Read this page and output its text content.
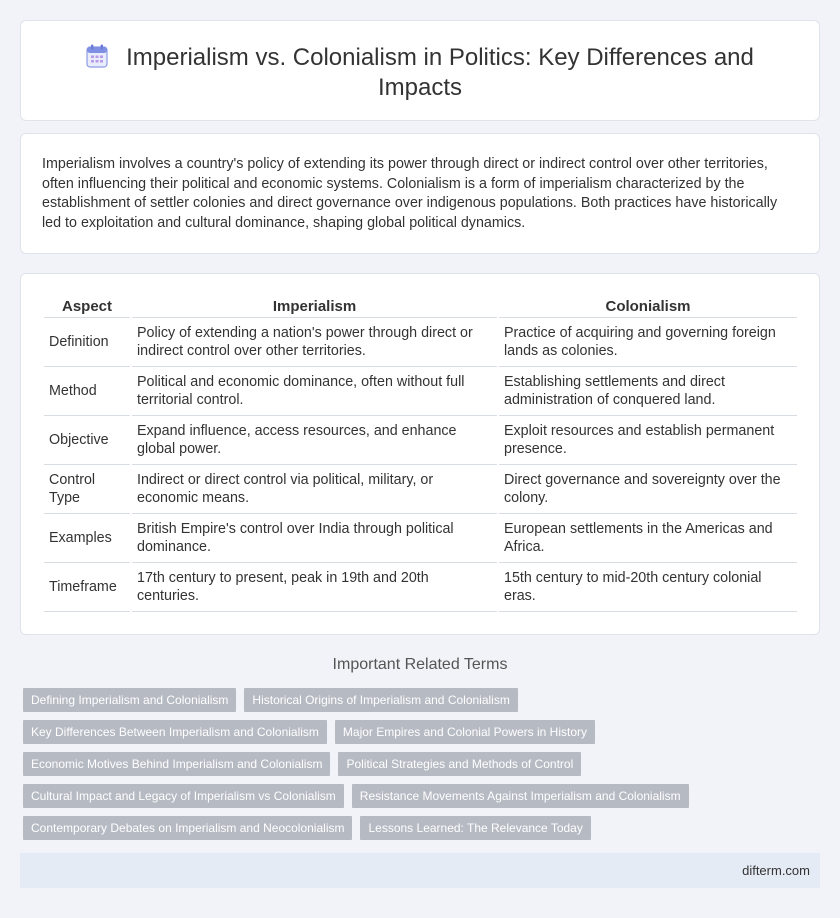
Imperialism vs. Colonialism in Politics: Key Differences and Impacts

Imperialism involves a country's policy of extending its power through direct or indirect control over other territories, often influencing their political and economic systems. Colonialism is a form of imperialism characterized by the establishment of settler colonies and direct governance over indigenous populations. Both practices have historically led to exploitation and cultural dominance, shaping global political dynamics.

Aspect	Imperialism	Colonialism
Definition	Policy of extending a nation's power through direct or indirect control over other territories.	Practice of acquiring and governing foreign lands as colonies.
Method	Political and economic dominance, often without full territorial control.	Establishing settlements and direct administration of conquered land.
Objective	Expand influence, access resources, and enhance global power.	Exploit resources and establish permanent presence.
Control Type	Indirect or direct control via political, military, or economic means.	Direct governance and sovereignty over the colony.
Examples	British Empire's control over India through political dominance.	European settlements in the Americas and Africa.
Timeframe	17th century to present, peak in 19th and 20th centuries.	15th century to mid-20th century colonial eras.
Important Related Terms
Defining Imperialism and Colonialism	Historical Origins of Imperialism and Colonialism
Key Differences Between Imperialism and Colonialism	Major Empires and Colonial Powers in History
Economic Motives Behind Imperialism and Colonialism	Political Strategies and Methods of Control
Cultural Impact and Legacy of Imperialism vs Colonialism	Resistance Movements Against Imperialism and Colonialism
Contemporary Debates on Imperialism and Neocolonialism	Lessons Learned: The Relevance Today
difterm.com
